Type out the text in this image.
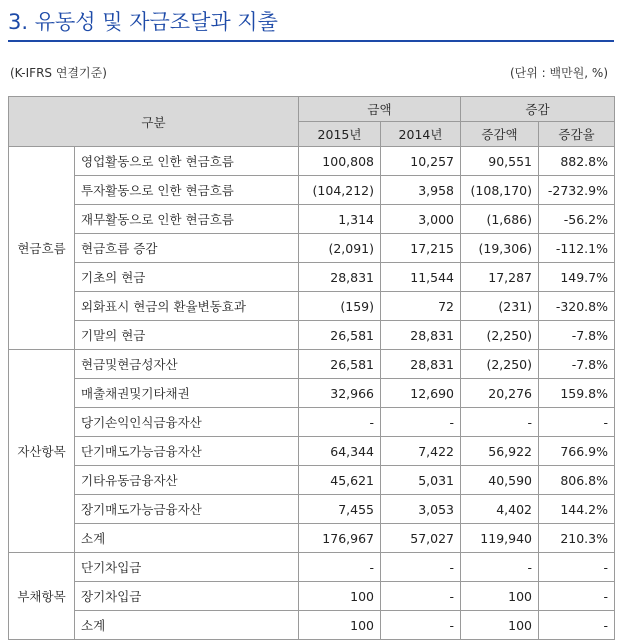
3. 유동성 및 자금조달과 지출
(K-IFRS 연결기준)	(단위 : 백만원, %)
구분		금액		증감	
		2015년	2014년	증감액	증감율
현금흐름	영업활동으로 인한 현금흐름	100,808	10,257	90,551	882.8%
	투자활동으로 인한 현금흐름	(104,212)	3,958	(108,170)	-2732.9%
	재무활동으로 인한 현금흐름	1,314	3,000	(1,686)	-56.2%
	현금흐름 증감	(2,091)	17,215	(19,306)	-112.1%
	기초의 현금	28,831	11,544	17,287	149.7%
	외화표시 현금의 환율변동효과	(159)	72	(231)	-320.8%
	기말의 현금	26,581	28,831	(2,250)	-7.8%
자산항목	현금및현금성자산	26,581	28,831	(2,250)	-7.8%
	매출채권및기타채권	32,966	12,690	20,276	159.8%
	당기손익인식금융자산	-	-	-	-
	단기매도가능금융자산	64,344	7,422	56,922	766.9%
	기타유동금융자산	45,621	5,031	40,590	806.8%
	장기매도가능금융자산	7,455	3,053	4,402	144.2%
	소계	176,967	57,027	119,940	210.3%
부채항목	단기차입금	-	-	-	-
	장기차입금	100	-	100	-
	소계	100	-	100	-
